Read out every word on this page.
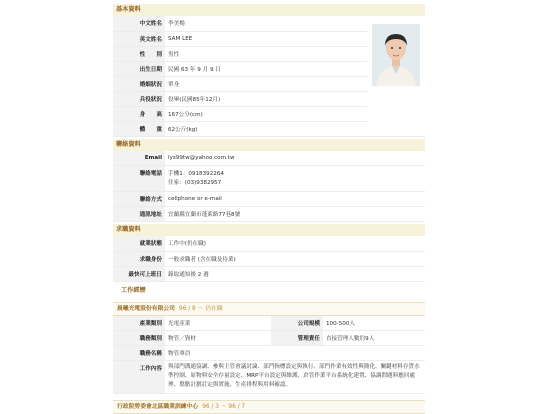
基本資料
中文姓名	李美楊	

英文姓名	SAM LEE	
性　　別	男性	
出生日期	民國 63 年 9 月 9 日	
婚姻狀況	單身	
兵役狀況	役畢(民國85年12月)	
身　　高	167公分(cm)	
體　　重	62公斤(kg)	
聯絡資料
Email	lys99tw@yahoo.com.tw
聯絡電話	手機1：0918392264
住家：(03)9382957

聯絡方式	cellphone or e-mail
通訊地址	宜蘭縣宜蘭市蓬萊路77巷8號
求職資料
就業狀態	工作中(仍在職)
求職身份	一般求職者 (含在職及待業)
最快可上班日	錄取通知後 2 週
工作經歷
晨曦光電股份有限公司 96 / 8 ～ 仍在職
產業類別	光電產業	公司規模	100-500人
職務類別	物管／資材	管理責任	直接管理人數約9人
職務名稱	物管專員		
工作內容	與部門溝通協調、參與主管會議討論、部門指標設定與執行、部門作業有效性與簡化、關鍵材料存貨水準控制、原物料安全存量設定、MRP平台設定與維護、倉管作業平台系統化建置、協調問題料應回處理、盤點計劃訂定與實施、生產排程與用料確認。		
行政院勞委會北區職業訓練中心 96 / 3 ～ 96 / 7
